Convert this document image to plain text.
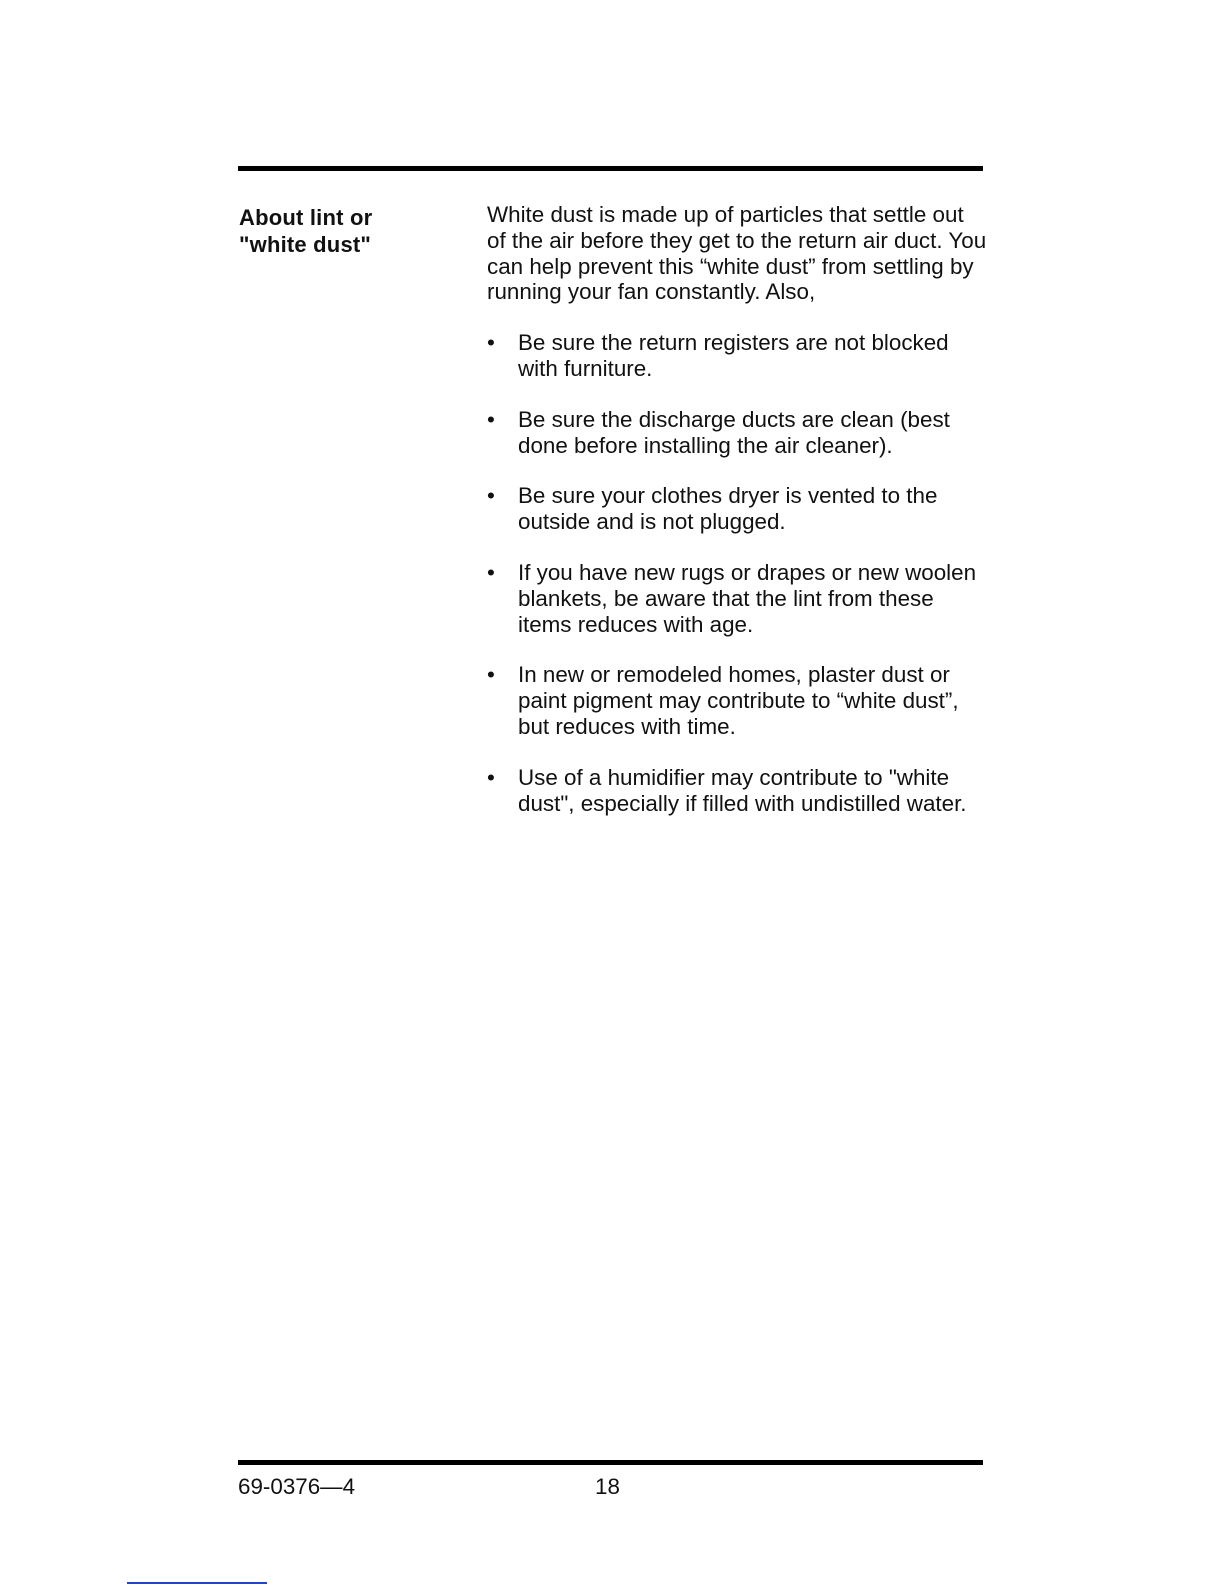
About lint or
"white dust"

White dust is made up of particles that settle out of the air before they get to the return air duct. You can help prevent this “white dust” from settling by running your fan constantly. Also,

• Be sure the return registers are not blocked with furniture.
• Be sure the discharge ducts are clean (best done before installing the air cleaner).
• Be sure your clothes dryer is vented to the outside and is not plugged.
• If you have new rugs or drapes or new woolen blankets, be aware that the lint from these items reduces with age.
• In new or remodeled homes, plaster dust or paint pigment may contribute to “white dust”, but reduces with time.
• Use of a humidifier may contribute to "white dust", especially if filled with undistilled water.
69-0376—4	18
